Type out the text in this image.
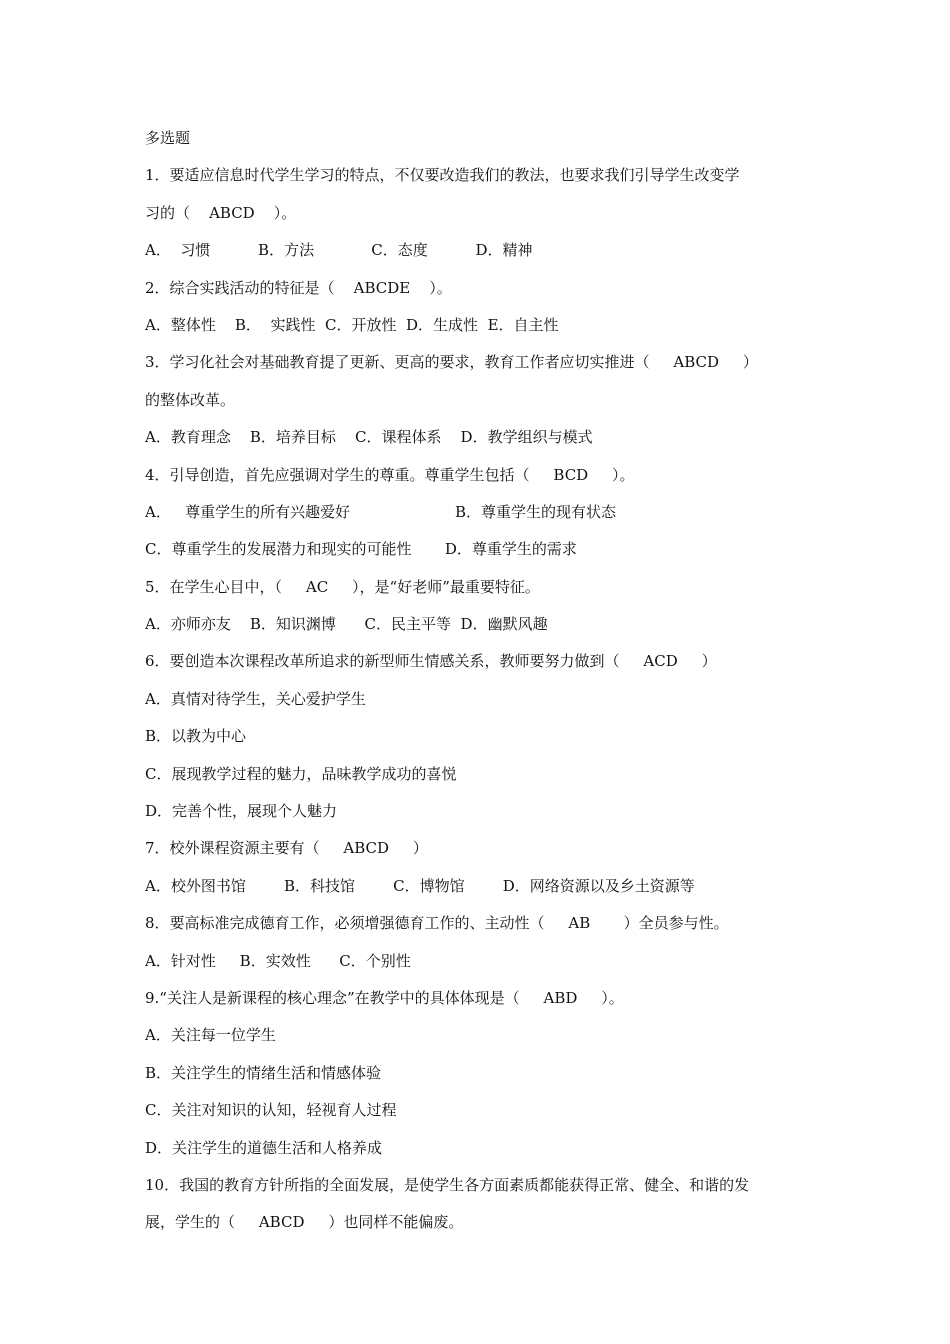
多选题
1．要适应信息时代学生学习的特点，不仅要改造我们的教法，也要求我们引导学生改变学
习的（    ABCD    ）。
A．  习惯          B．方法            C．态度          D．精神
2．综合实践活动的特征是（    ABCDE    ）。
A．整体性    B．  实践性  C．开放性  D．生成性  E．自主性
3．学习化社会对基础教育提了更新、更高的要求，教育工作者应切实推进（     ABCD     ）
的整体改革。
A．教育理念    B．培养目标    C．课程体系    D．教学组织与模式
4．引导创造，首先应强调对学生的尊重。尊重学生包括（     BCD     ）。
A．   尊重学生的所有兴趣爱好                      B．尊重学生的现有状态
C．尊重学生的发展潜力和现实的可能性       D．尊重学生的需求
5．在学生心目中，（     AC     ），是“好老师”最重要特征。
A．亦师亦友    B．知识渊博      C．民主平等  D．幽默风趣
6．要创造本次课程改革所追求的新型师生情感关系，教师要努力做到（     ACD     ）
A．真情对待学生，关心爱护学生
B．以教为中心
C．展现教学过程的魅力，品味教学成功的喜悦
D．完善个性，展现个人魅力
7．校外课程资源主要有（     ABCD     ）
A．校外图书馆        B．科技馆        C．博物馆        D．网络资源以及乡土资源等
8．要高标准完成德育工作，必须增强德育工作的、主动性（     AB       ）全员参与性。
A．针对性     B．实效性      C．个别性
9.“关注人是新课程的核心理念”在教学中的具体体现是（     ABD     ）。
A．关注每一位学生
B．关注学生的情绪生活和情感体验
C．关注对知识的认知，轻视育人过程
D．关注学生的道德生活和人格养成
10．我国的教育方针所指的全面发展，是使学生各方面素质都能获得正常、健全、和谐的发
展，学生的（     ABCD     ）也同样不能偏废。
